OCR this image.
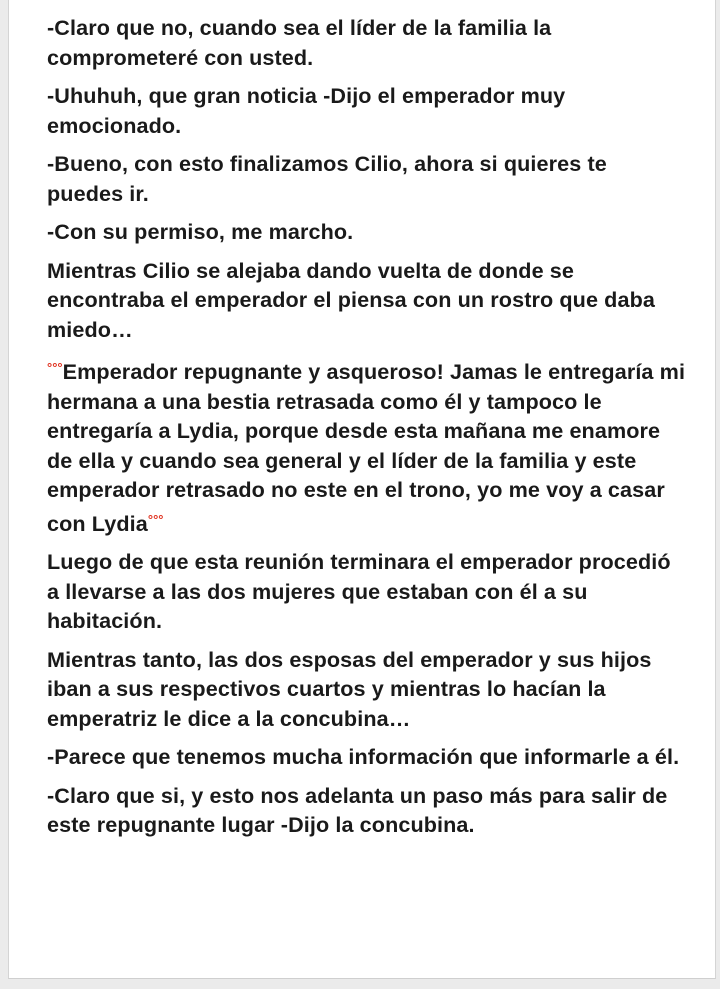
-Claro que no, cuando sea el líder de la familia la comprometeré con usted.

-Uhuhuh, que gran noticia -Dijo el emperador muy emocionado.

-Bueno, con esto finalizamos Cilio, ahora si quieres te puedes ir.

-Con su permiso, me marcho.

Mientras Cilio se alejaba dando vuelta de donde se encontraba el emperador el piensa con un rostro que daba miedo…

°°°Emperador repugnante y asqueroso! Jamas le entregaría mi hermana a una bestia retrasada como él y tampoco le entregaría a Lydia, porque desde esta mañana me enamore de ella y cuando sea general y el líder de la familia y este emperador retrasado no este en el trono, yo me voy a casar con Lydia°°°

Luego de que esta reunión terminara el emperador procedió a llevarse a las dos mujeres que estaban con él a su habitación.

Mientras tanto, las dos esposas del emperador y sus hijos iban a sus respectivos cuartos y mientras lo hacían la emperatriz le dice a la concubina…

-Parece que tenemos mucha información que informarle a él.

-Claro que si, y esto nos adelanta un paso más para salir de este repugnante lugar -Dijo la concubina.
